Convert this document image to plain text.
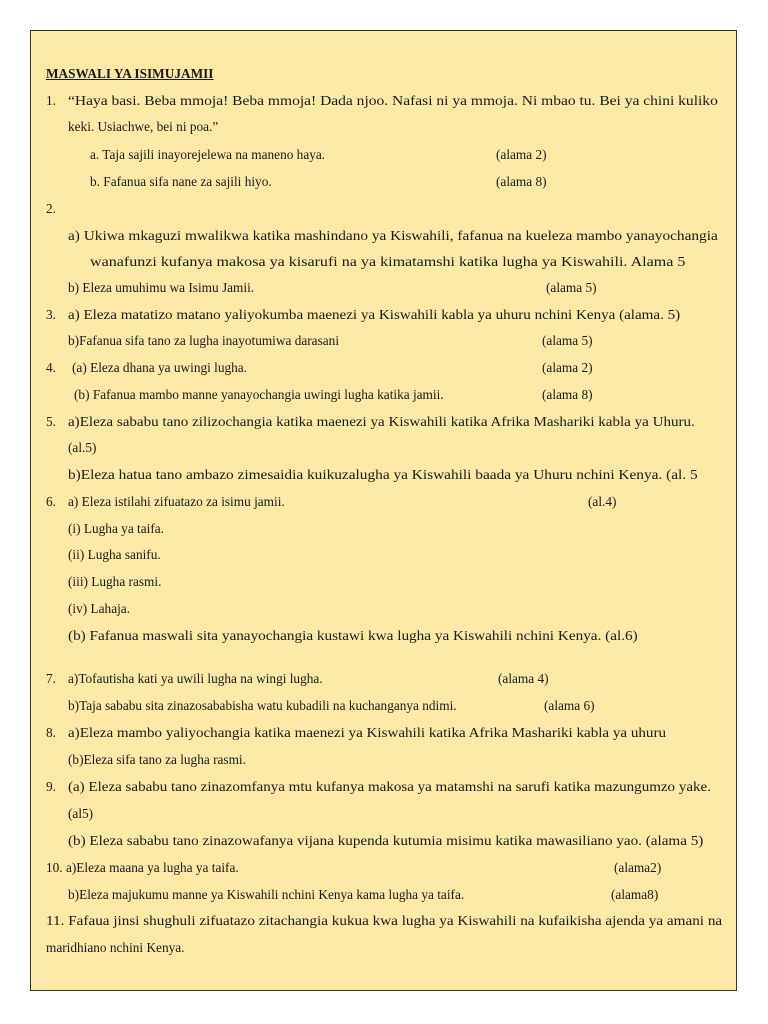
MASWALI YA ISIMUJAMII
1. “Haya basi. Beba mmoja! Beba mmoja! Dada njoo. Nafasi ni ya mmoja. Ni mbao tu. Bei ya chini kuliko
keki. Usiachwe, bei ni poa.”
a. Taja sajili inayorejelewa na maneno haya.	(alama 2)
b. Fafanua sifa nane za sajili hiyo.	(alama 8)
2.
a) Ukiwa mkaguzi mwalikwa katika mashindano ya Kiswahili, fafanua na kueleza mambo yanayochangia
wanafunzi kufanya makosa ya kisarufi na ya kimatamshi katika lugha ya Kiswahili. Alama 5
b) Eleza umuhimu wa Isimu Jamii.	(alama 5)
3. a) Eleza matatizo matano yaliyokumba maenezi ya Kiswahili kabla ya uhuru nchini Kenya (alama. 5)
b)Fafanua sifa tano za lugha inayotumiwa darasani	(alama 5)
4. (a) Eleza dhana ya uwingi lugha.	(alama 2)
(b) Fafanua mambo manne yanayochangia uwingi lugha katika jamii.	(alama 8)
5. a)Eleza sababu tano zilizochangia katika maenezi ya Kiswahili katika Afrika Mashariki kabla ya Uhuru.
(al.5)
b)Eleza hatua tano ambazo zimesaidia kuikuzalugha ya Kiswahili baada ya Uhuru nchini Kenya. (al. 5
6. a) Eleza istilahi zifuatazo za isimu jamii.	(al.4)
(i) Lugha ya taifa.
(ii) Lugha sanifu.
(iii) Lugha rasmi.
(iv) Lahaja.
(b) Fafanua maswali sita yanayochangia kustawi kwa lugha ya Kiswahili nchini Kenya. (al.6)
7. a)Tofautisha kati ya uwili lugha na wingi lugha.	(alama 4)
b)Taja sababu sita zinazosababisha watu kubadili na kuchanganya ndimi.	(alama 6)
8. a)Eleza mambo yaliyochangia katika maenezi ya Kiswahili katika Afrika Mashariki kabla ya uhuru
(b)Eleza sifa tano za lugha rasmi.
9. (a) Eleza sababu tano zinazomfanya mtu kufanya makosa ya matamshi na sarufi katika mazungumzo yake.
(al5)
(b) Eleza sababu tano zinazowafanya vijana kupenda kutumia misimu katika mawasiliano yao. (alama 5)
10. a)Eleza maana ya lugha ya taifa.	(alama2)
b)Eleza majukumu manne ya Kiswahili nchini Kenya kama lugha ya taifa.	(alama8)
11. Fafaua jinsi shughuli zifuatazo zitachangia kukua kwa lugha ya Kiswahili na kufaikisha ajenda ya amani na
maridhiano nchini Kenya.
